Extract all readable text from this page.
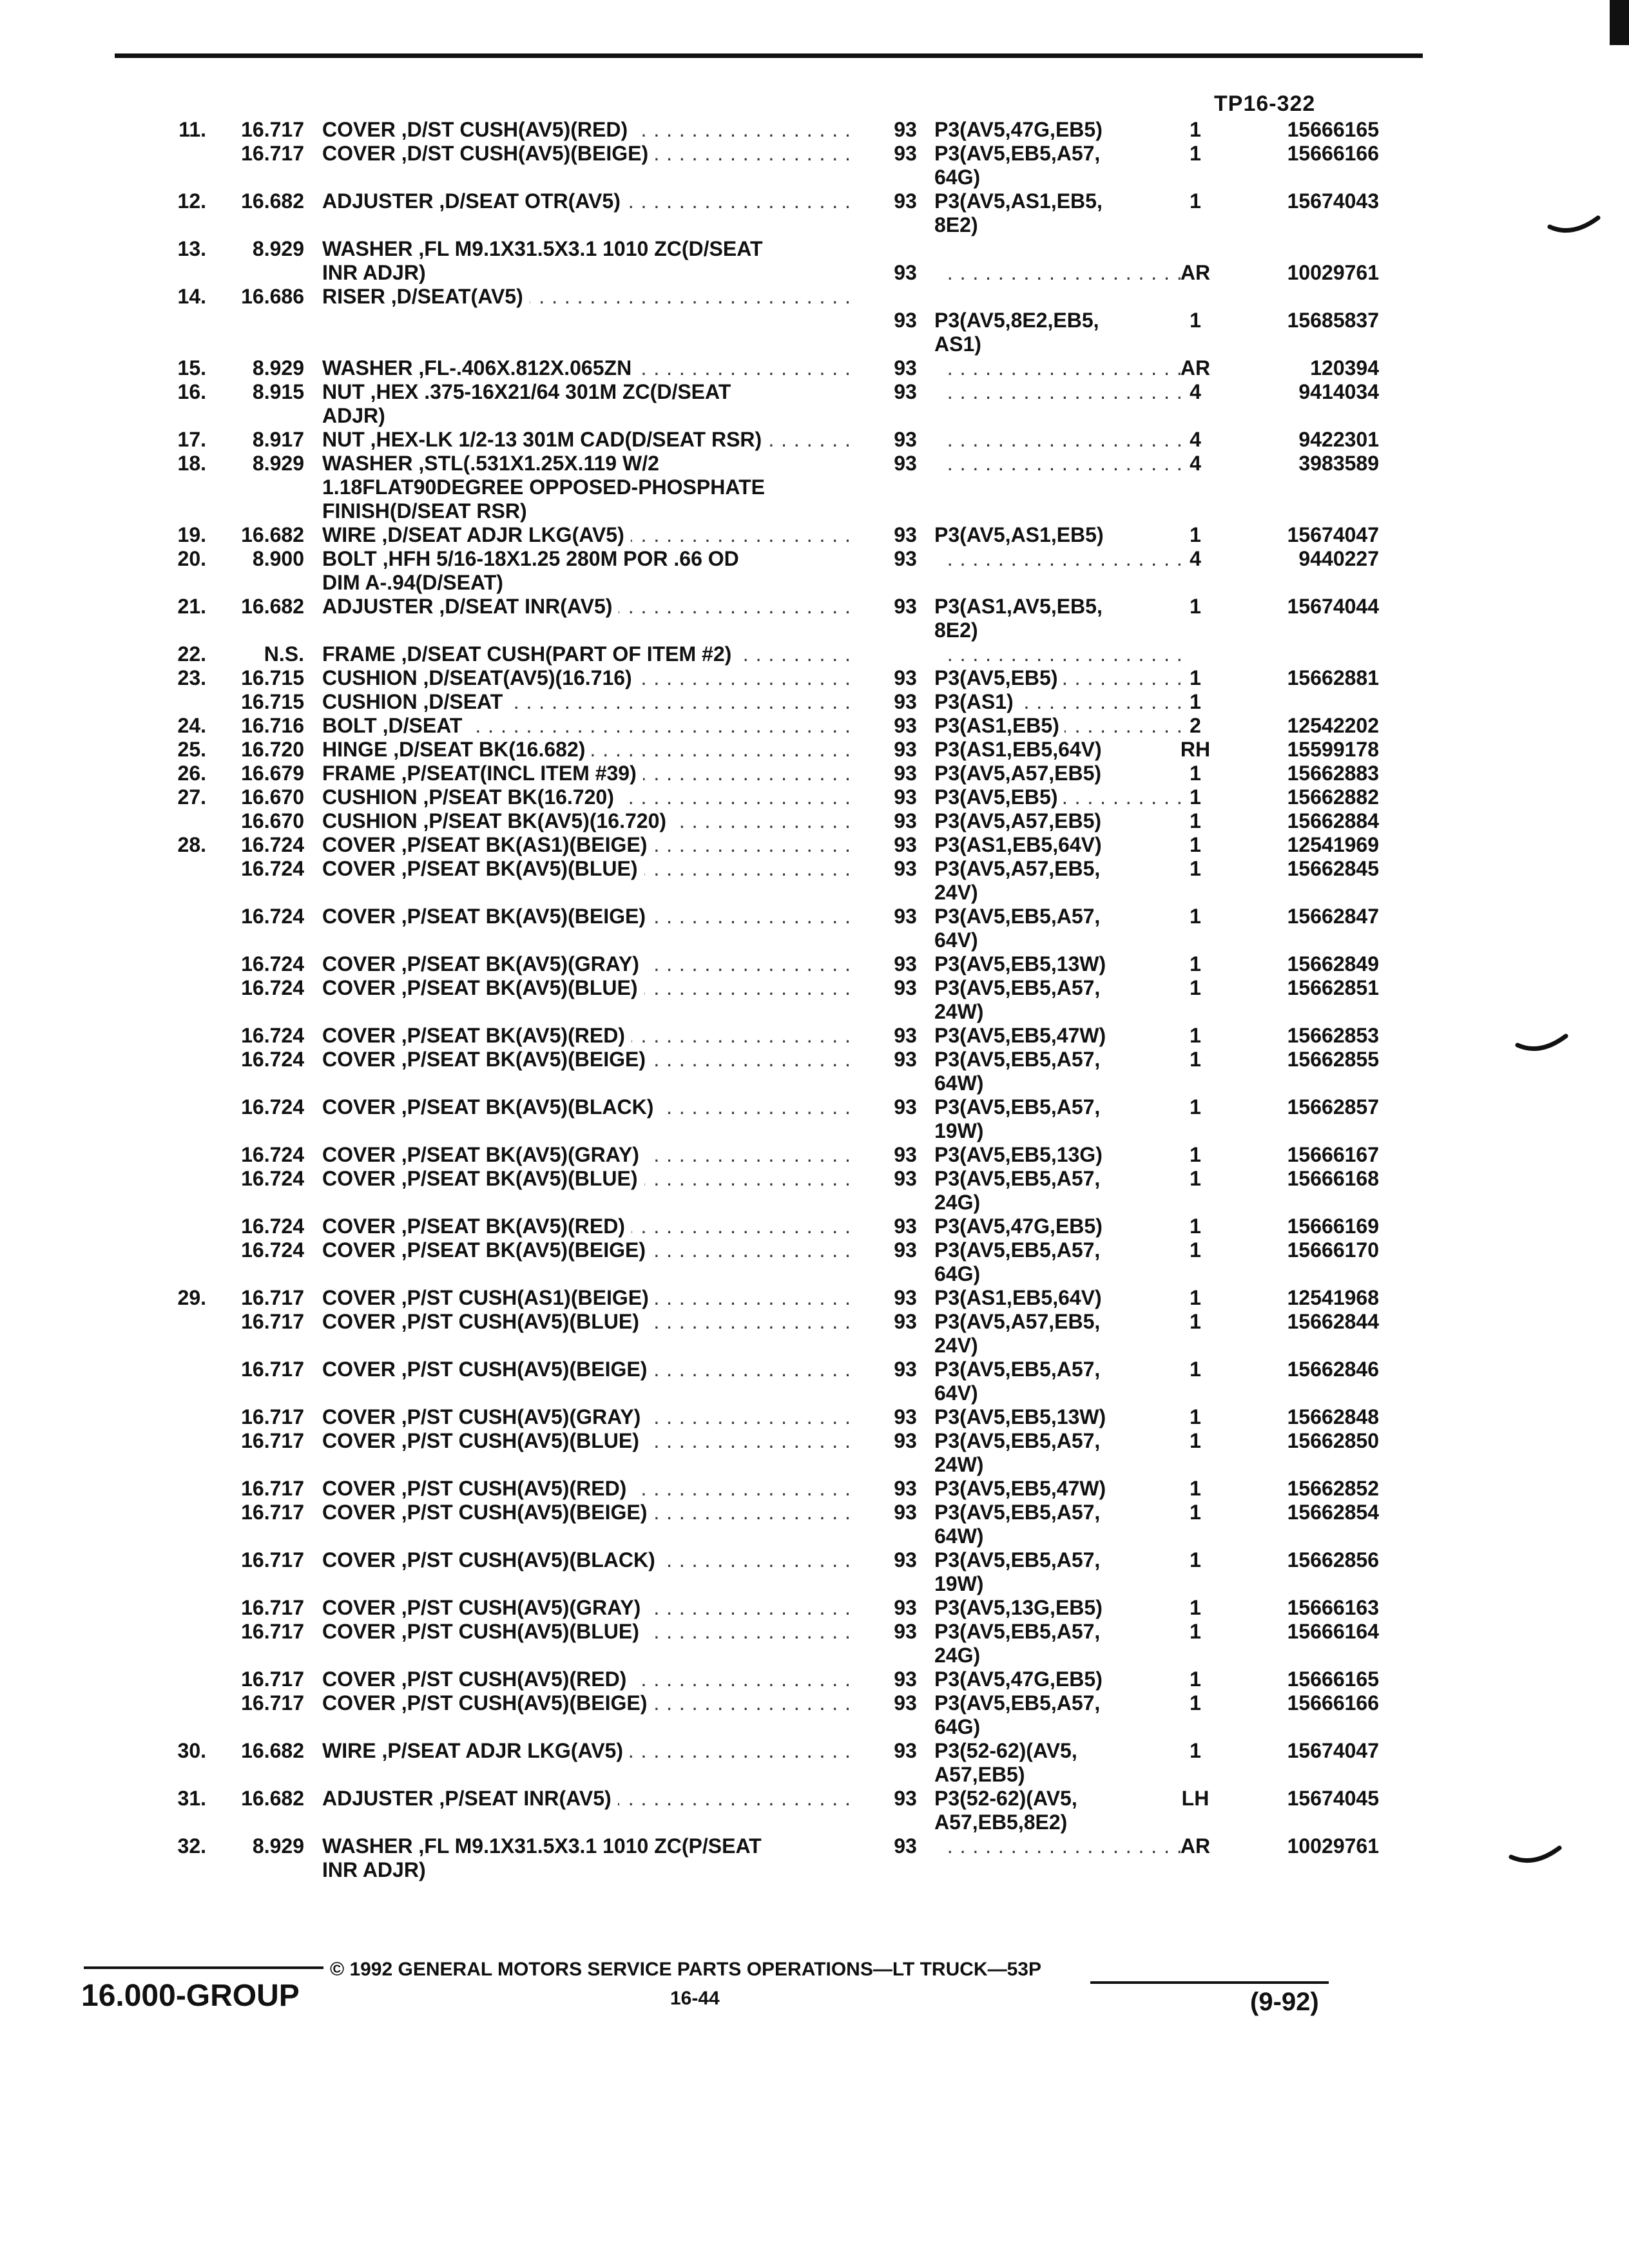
TP16-322
11.	16.717 COVER ,D/ST CUSH(AV5)(RED) . . .	93 P3(AV5,47G,EB5)	1	15666165
16.717 COVER ,D/ST CUSH(AV5)(BEIGE) . . .	93 P3(AV5,EB5,A57,	1	15666166
64G)
12.	16.682 ADJUSTER ,D/SEAT OTR(AV5) . . .	93 P3(AV5,AS1,EB5,	1	15674043
8E2)
13.	8.929 WASHER ,FL M9.1X31.5X3.1 1010 ZC(D/SEAT
INR ADJR)	93 . . .	AR	10029761
14.	16.686 RISER ,D/SEAT(AV5) . . .
93 P3(AV5,8E2,EB5,	1	15685837
AS1)
15.	8.929 WASHER ,FL-.406X.812X.065ZN . . .	93 . . .	AR	120394
16.	8.915 NUT ,HEX .375-16X21/64 301M ZC(D/SEAT	93 . . .	4	9414034
ADJR)
17.	8.917 NUT ,HEX-LK 1/2-13 301M CAD(D/SEAT RSR) . . .	93 . . .	4	9422301
18.	8.929 WASHER ,STL(.531X1.25X.119 W/2	93 . . .	4	3983589
1.18FLAT90DEGREE OPPOSED-PHOSPHATE
FINISH(D/SEAT RSR)
19.	16.682 WIRE ,D/SEAT ADJR LKG(AV5) . . .	93 P3(AV5,AS1,EB5)	1	15674047
20.	8.900 BOLT ,HFH 5/16-18X1.25 280M POR .66 OD	93 . . .	4	9440227
DIM A-.94(D/SEAT)
21.	16.682 ADJUSTER ,D/SEAT INR(AV5) . . .	93 P3(AS1,AV5,EB5,	1	15674044
8E2)
22.	N.S. FRAME ,D/SEAT CUSH(PART OF ITEM #2) . . .
. . .
23.	16.715 CUSHION ,D/SEAT(AV5)(16.716) . . .	93 P3(AV5,EB5) . . .	1	15662881
16.715 CUSHION ,D/SEAT . . .	93 P3(AS1) . . .	1
24.	16.716 BOLT ,D/SEAT . . .	93 P3(AS1,EB5) . . .	2	12542202
25.	16.720 HINGE ,D/SEAT BK(16.682) . . .	93 P3(AS1,EB5,64V)	RH	15599178
26.	16.679 FRAME ,P/SEAT(INCL ITEM #39) . . .	93 P3(AV5,A57,EB5)	1	15662883
27.	16.670 CUSHION ,P/SEAT BK(16.720) . . .	93 P3(AV5,EB5) . . .	1	15662882
16.670 CUSHION ,P/SEAT BK(AV5)(16.720) . . .	93 P3(AV5,A57,EB5)	1	15662884
28.	16.724 COVER ,P/SEAT BK(AS1)(BEIGE) . . .	93 P3(AS1,EB5,64V)	1	12541969
16.724 COVER ,P/SEAT BK(AV5)(BLUE) . . .	93 P3(AV5,A57,EB5,	1	15662845
24V)
16.724 COVER ,P/SEAT BK(AV5)(BEIGE) . . .	93 P3(AV5,EB5,A57,	1	15662847
64V)
16.724 COVER ,P/SEAT BK(AV5)(GRAY) . . .	93 P3(AV5,EB5,13W)	1	15662849
16.724 COVER ,P/SEAT BK(AV5)(BLUE) . . .	93 P3(AV5,EB5,A57,	1	15662851
24W)
16.724 COVER ,P/SEAT BK(AV5)(RED) . . .	93 P3(AV5,EB5,47W)	1	15662853
16.724 COVER ,P/SEAT BK(AV5)(BEIGE) . . .	93 P3(AV5,EB5,A57,	1	15662855
64W)
16.724 COVER ,P/SEAT BK(AV5)(BLACK) . . .	93 P3(AV5,EB5,A57,	1	15662857
19W)
16.724 COVER ,P/SEAT BK(AV5)(GRAY) . . .	93 P3(AV5,EB5,13G)	1	15666167
16.724 COVER ,P/SEAT BK(AV5)(BLUE) . . .	93 P3(AV5,EB5,A57,	1	15666168
24G)
16.724 COVER ,P/SEAT BK(AV5)(RED) . . .	93 P3(AV5,47G,EB5)	1	15666169
16.724 COVER ,P/SEAT BK(AV5)(BEIGE) . . .	93 P3(AV5,EB5,A57,	1	15666170
64G)
29.	16.717 COVER ,P/ST CUSH(AS1)(BEIGE) . . .	93 P3(AS1,EB5,64V)	1	12541968
16.717 COVER ,P/ST CUSH(AV5)(BLUE) . . .	93 P3(AV5,A57,EB5,	1	15662844
24V)
16.717 COVER ,P/ST CUSH(AV5)(BEIGE) . . .	93 P3(AV5,EB5,A57,	1	15662846
64V)
16.717 COVER ,P/ST CUSH(AV5)(GRAY) . . .	93 P3(AV5,EB5,13W)	1	15662848
16.717 COVER ,P/ST CUSH(AV5)(BLUE) . . .	93 P3(AV5,EB5,A57,	1	15662850
24W)
16.717 COVER ,P/ST CUSH(AV5)(RED) . . .	93 P3(AV5,EB5,47W)	1	15662852
16.717 COVER ,P/ST CUSH(AV5)(BEIGE) . . .	93 P3(AV5,EB5,A57,	1	15662854
64W)
16.717 COVER ,P/ST CUSH(AV5)(BLACK) . . .	93 P3(AV5,EB5,A57,	1	15662856
19W)
16.717 COVER ,P/ST CUSH(AV5)(GRAY) . . .	93 P3(AV5,13G,EB5)	1	15666163
16.717 COVER ,P/ST CUSH(AV5)(BLUE) . . .	93 P3(AV5,EB5,A57,	1	15666164
24G)
16.717 COVER ,P/ST CUSH(AV5)(RED) . . .	93 P3(AV5,47G,EB5)	1	15666165
16.717 COVER ,P/ST CUSH(AV5)(BEIGE) . . .	93 P3(AV5,EB5,A57,	1	15666166
64G)
30.	16.682 WIRE ,P/SEAT ADJR LKG(AV5) . . .	93 P3(52-62)(AV5,	1	15674047
A57,EB5)
31.	16.682 ADJUSTER ,P/SEAT INR(AV5) . . .	93 P3(52-62)(AV5,	LH	15674045
A57,EB5,8E2)
32.	8.929 WASHER ,FL M9.1X31.5X3.1 1010 ZC(P/SEAT	93 . . .	AR	10029761
INR ADJR)
16.000-GROUP
© 1992 GENERAL MOTORS SERVICE PARTS OPERATIONS—LT TRUCK—53P
16-44	(9-92)
